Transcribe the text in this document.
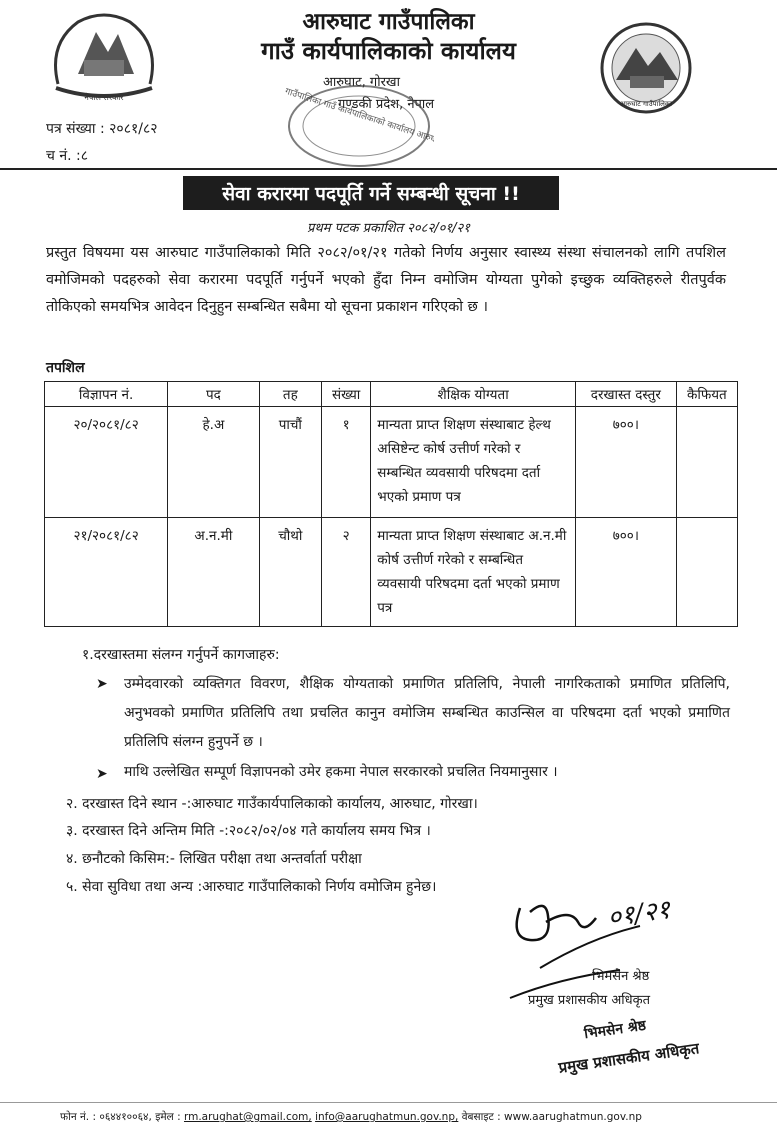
नेपाल सरकार
आरुघाट गाउँपालिका
आरुघाट गाउँपालिका
गाउँ कार्यपालिकाको कार्यालय
आरुघाट, गोरखा
गण्डकी प्रदेश, नेपाल
गाउँपालिका गाउँ कार्यपालिकाको कार्यालय आरुघाट,
पत्र संख्या : २०८१/८२
च नं. :८
सेवा करारमा पदपूर्ति गर्ने सम्बन्धी सूचना !!
प्रथम पटक प्रकाशित २०८२/०१/२१
प्रस्तुत विषयमा यस आरुघाट गाउँपालिकाको मिति २०८२/०१/२१ गतेको निर्णय अनुसार स्वास्थ्य संस्था संचालनको लागि तपशिल वमोजिमको पदहरुको सेवा करारमा पदपूर्ति गर्नुपर्ने भएको हुँदा निम्न वमोजिम योग्यता पुगेको इच्छुक व्यक्तिहरुले रीतपुर्वक तोकिएको समयभित्र आवेदन दिनुहुन सम्बन्धित सबैमा यो सूचना प्रकाशन गरिएको छ ।
तपशिल
विज्ञापन नं.	पद	तह	संख्या	शैक्षिक योग्यता	दरखास्त दस्तुर	कैफियत
२०/२०८१/८२	हे.अ	पाचौं	१	मान्यता प्राप्त शिक्षण संस्थाबाट हेल्थ असिष्टेन्ट कोर्ष उत्तीर्ण गरेको र सम्बन्धित व्यवसायी परिषदमा दर्ता भएको प्रमाण पत्र	७००।	
२१/२०८१/८२	अ.न.मी	चौथो	२	मान्यता प्राप्त शिक्षण संस्थाबाट अ.न.मी कोर्ष उत्तीर्ण गरेको र सम्बन्धित व्यवसायी परिषदमा दर्ता भएको प्रमाण पत्र	७००।	
१.दरखास्तमा संलग्न गर्नुपर्ने कागजाहरु:
➤ उम्मेदवारको व्यक्तिगत विवरण, शैक्षिक योग्यताको प्रमाणित प्रतिलिपि, नेपाली नागरिकताको प्रमाणित प्रतिलिपि, अनुभवको प्रमाणित प्रतिलिपि तथा प्रचलित कानुन वमोजिम सम्बन्धित काउन्सिल वा परिषदमा दर्ता भएको प्रमाणित प्रतिलिपि संलग्न हुनुपर्ने छ ।
➤ माथि उल्लेखित सम्पूर्ण विज्ञापनको उमेर हकमा नेपाल सरकारको प्रचलित नियमानुसार ।
२. दरखास्त दिने स्थान -:आरुघाट गाउँकार्यपालिकाको कार्यालय, आरुघाट, गोरखा।
३. दरखास्त दिने अन्तिम मिति -:२०८२/०२/०४ गते कार्यालय समय भित्र ।
४. छनौटको किसिम:- लिखित परीक्षा तथा अन्तर्वार्ता परीक्षा
५. सेवा सुविधा तथा अन्य :आरुघाट गाउँपालिकाको निर्णय वमोजिम हुनेछ।
०१/२१
भिमसेन श्रेष्ठ
प्रमुख प्रशासकीय अधिकृत
भिमसेन श्रेष्ठ
प्रमुख प्रशासकीय अधिकृत
फोन नं. : ०६४४१००६४, इमेल : rm.arughat@gmail.com, info@aarughatmun.gov.np, वेबसाइट : www.aarughatmun.gov.np
